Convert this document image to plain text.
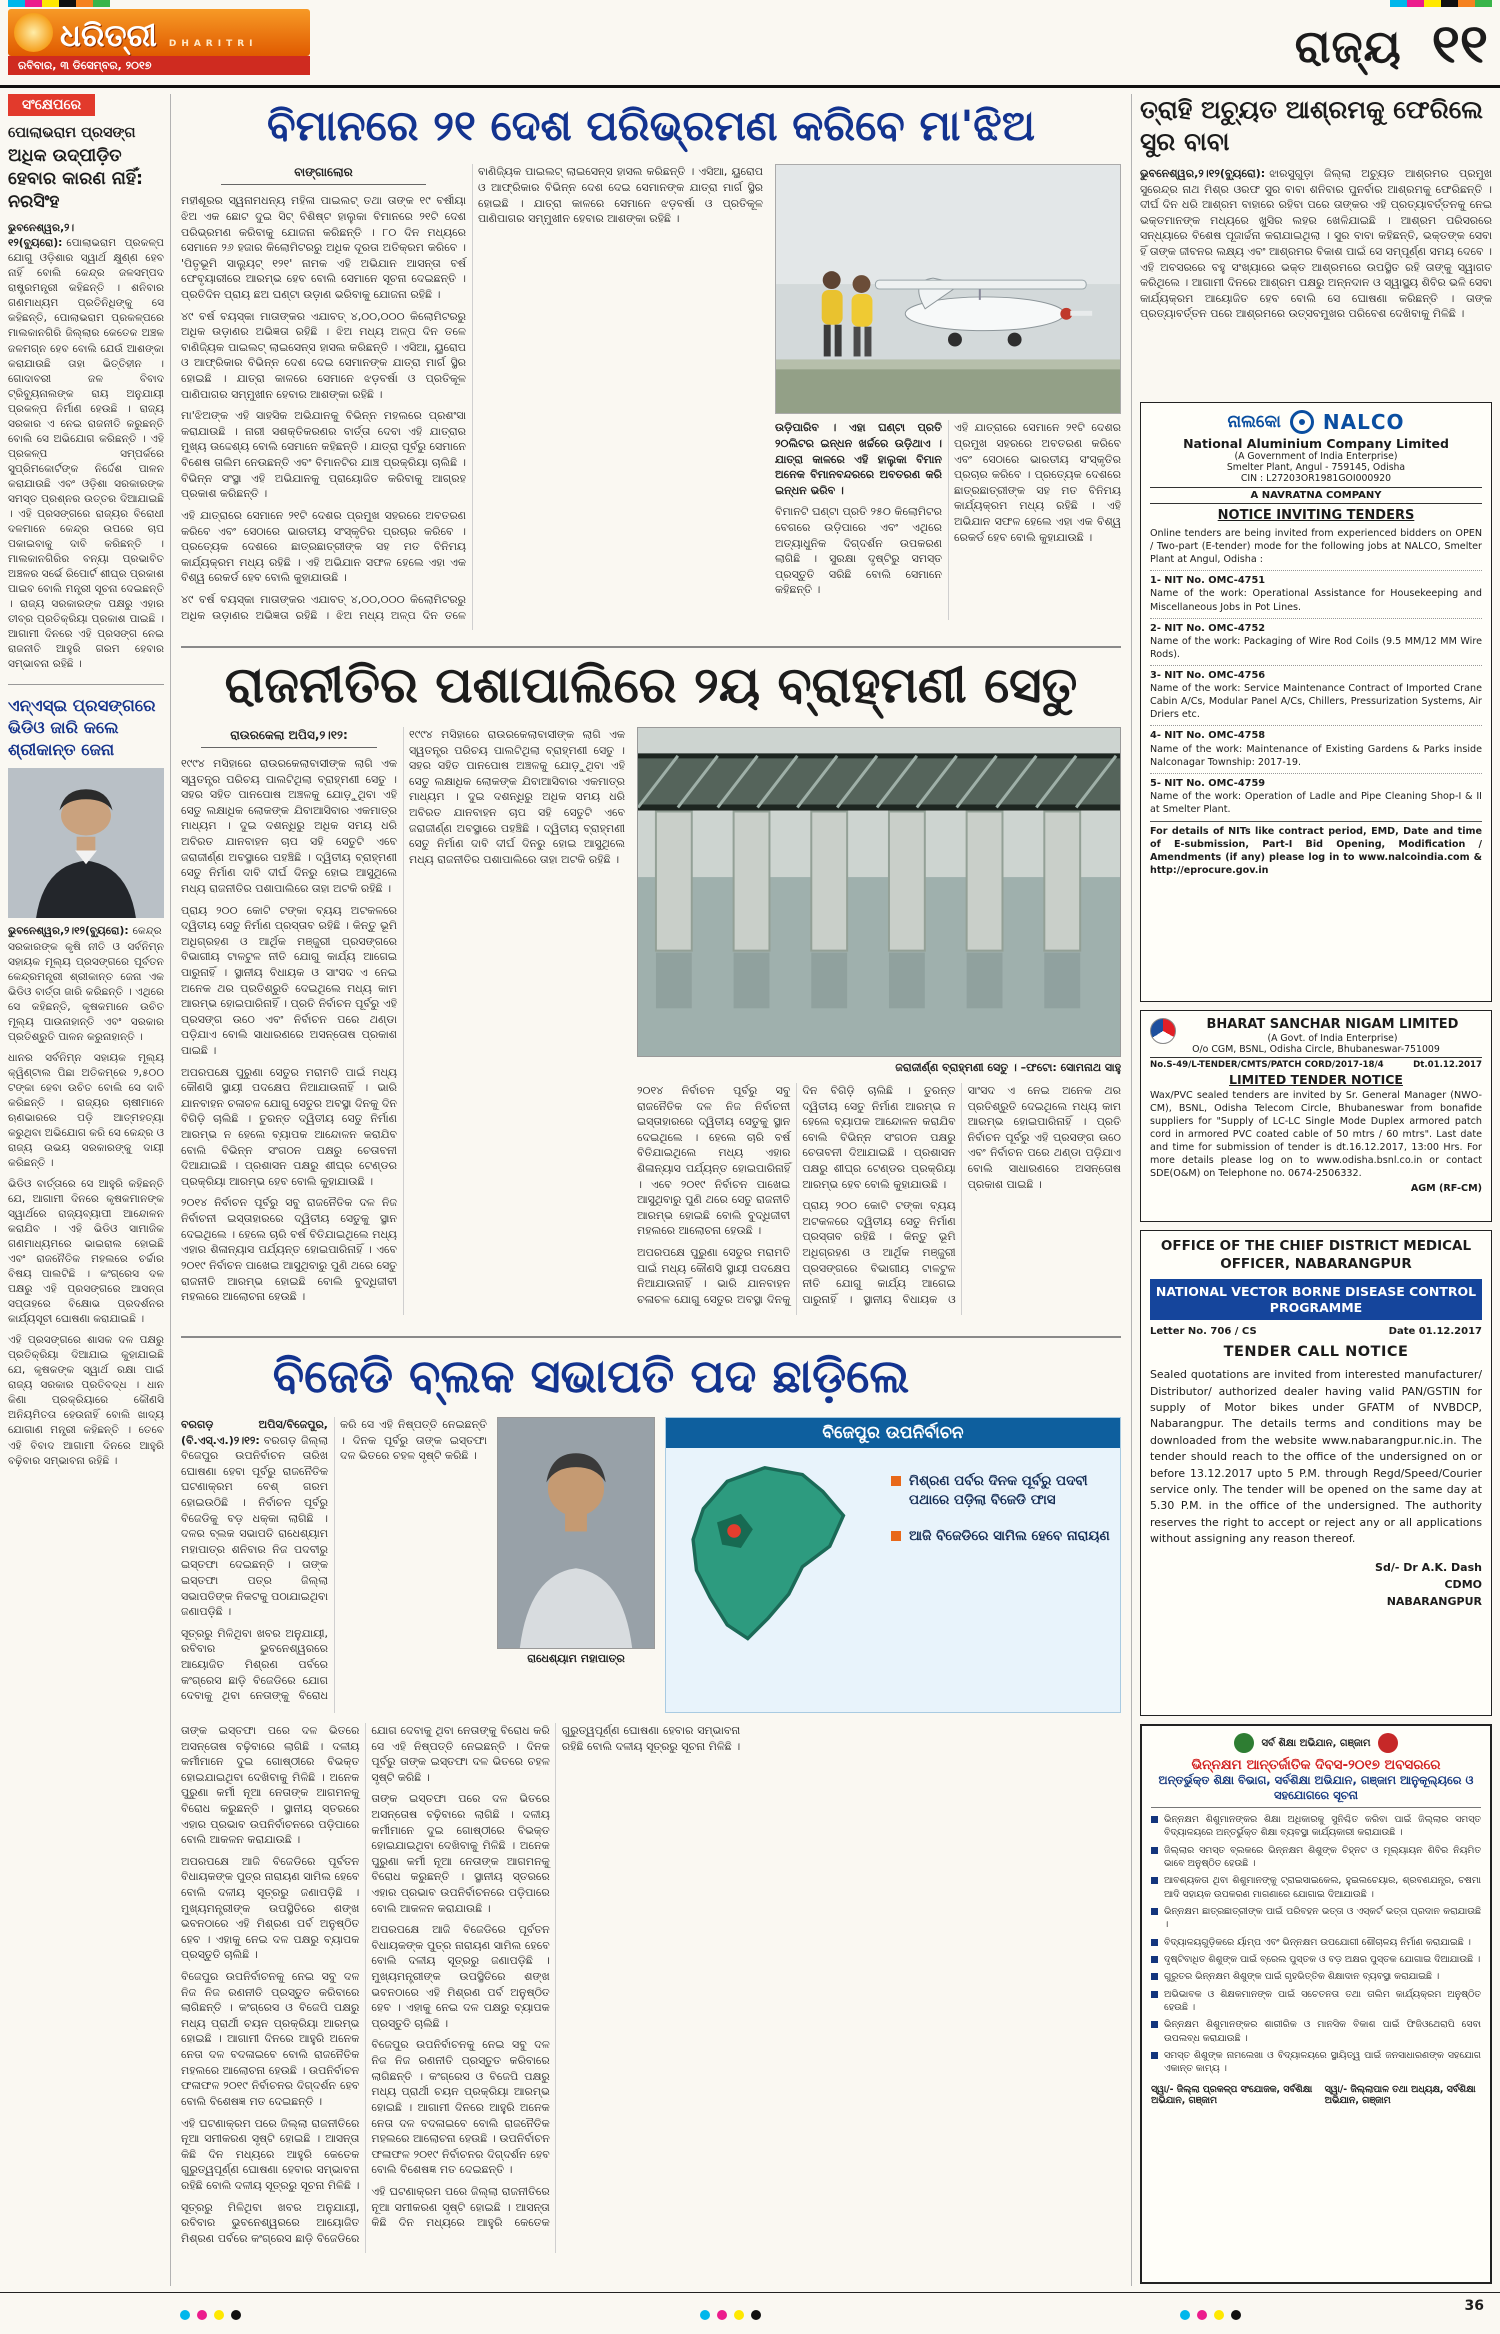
ଧରିତ୍ରୀ DHARITRI
ରବିବାର, ୩ ଡିସେମ୍ବର, ୨୦୧୭	ରାଜ୍ୟ ୧୧
ସଂକ୍ଷେପରେ
ପୋଲାଭରାମ ପ୍ରସଙ୍ଗ
ଅଧିକ ଉଦ୍‌ପୀଡ଼ିତ ହେବାର କାରଣ ନାହିଁ: ନରସିଂହ

ଭୁବନେଶ୍ୱର,୨।୧୨(ବ୍ୟୁରୋ): ପୋଲାଭରାମ ପ୍ରକଳ୍ପ ଯୋଗୁ ଓଡ଼ିଶାର ସ୍ୱାର୍ଥ କ୍ଷୁଣ୍ଣ ହେବ ନାହିଁ ବୋଲି କେନ୍ଦ୍ର ଜଳସମ୍ପଦ ରାଷ୍ଟ୍ରମନ୍ତ୍ରୀ କହିଛନ୍ତି । ଶନିବାର ଗଣମାଧ୍ୟମ ପ୍ରତିନିଧିଙ୍କୁ ସେ କହିଛନ୍ତି, ପୋଲାଭରାମ ପ୍ରକଳ୍ପରେ ମାଲକାନଗିରି ଜିଲ୍ଲାର କେତେକ ଅଞ୍ଚଳ ଜଳମଗ୍ନ ହେବ ବୋଲି ଯେଉଁ ଆଶଙ୍କା କରାଯାଉଛି ତାହା ଭିତ୍ତିହୀନ । ଗୋଦାବରୀ ଜଳ ବିବାଦ ଟ୍ରିବ୍ୟୁନାଲଙ୍କ ରାୟ ଅନୁଯାୟୀ ପ୍ରକଳ୍ପ ନିର୍ମାଣ ହେଉଛି । ରାଜ୍ୟ ସରକାର ଏ ନେଇ ରାଜନୀତି କରୁଛନ୍ତି ବୋଲି ସେ ଅଭିଯୋଗ କରିଛନ୍ତି । ଏହି ପ୍ରକଳ୍ପ ସମ୍ପର୍କରେ ସୁପ୍ରିମକୋର୍ଟଙ୍କ ନିର୍ଦ୍ଦେଶ ପାଳନ କରାଯାଉଛି ଏବଂ ଓଡ଼ିଶା ସରକାରଙ୍କ ସମସ୍ତ ପ୍ରଶ୍ନର ଉତ୍ତର ଦିଆଯାଇଛି । ଏହି ପ୍ରସଙ୍ଗରେ ରାଜ୍ୟର ବିରୋଧୀ ଦଳମାନେ କେନ୍ଦ୍ର ଉପରେ ଚାପ ପକାଇବାକୁ ଦାବି କରିଛନ୍ତି । ମାଲକାନଗିରିର ବନ୍ୟା ପ୍ରଭାବିତ ଅଞ୍ଚଳର ସର୍ଭେ ରିପୋର୍ଟ ଶୀଘ୍ର ପ୍ରକାଶ ପାଇବ ବୋଲି ମନ୍ତ୍ରୀ ସୂଚନା ଦେଇଛନ୍ତି । ରାଜ୍ୟ ସରକାରଙ୍କ ପକ୍ଷରୁ ଏହାର ତୀବ୍ର ପ୍ରତିକ୍ରିୟା ପ୍ରକାଶ ପାଇଛି । ଆଗାମୀ ଦିନରେ ଏହି ପ୍ରସଙ୍ଗ ନେଇ ରାଜନୀତି ଆହୁରି ଗରମ ହେବାର ସମ୍ଭାବନା ରହିଛି ।

ଏନ୍‌ଏସ୍‌ଇ ପ୍ରସଙ୍ଗରେ ଭିଡିଓ ଜାରି କଲେ ଶ୍ରୀକାନ୍ତ ଜେନା

ଭୁବନେଶ୍ୱର,୨।୧୨(ବ୍ୟୁରୋ): କେନ୍ଦ୍ର ସରକାରଙ୍କ କୃଷି ନୀତି ଓ ସର୍ବନିମ୍ନ ସହାୟକ ମୂଲ୍ୟ ପ୍ରସଙ୍ଗରେ ପୂର୍ବତନ କେନ୍ଦ୍ରମନ୍ତ୍ରୀ ଶ୍ରୀକାନ୍ତ ଜେନା ଏକ ଭିଡିଓ ବାର୍ତ୍ତା ଜାରି କରିଛନ୍ତି । ଏଥିରେ ସେ କହିଛନ୍ତି, କୃଷକମାନେ ଉଚିତ ମୂଲ୍ୟ ପାଉନାହାନ୍ତି ଏବଂ ସରକାର ପ୍ରତିଶ୍ରୁତି ପାଳନ କରୁନାହାନ୍ତି ।

ଧାନର ସର୍ବନିମ୍ନ ସହାୟକ ମୂଲ୍ୟ କ୍ୱିଣ୍ଟାଲ ପିଛା ଅତିକମ୍‌ରେ ୨,୫୦୦ ଟଙ୍କା ହେବା ଉଚିତ ବୋଲି ସେ ଦାବି କରିଛନ୍ତି । ରାଜ୍ୟର ଚାଷୀମାନେ ଋଣଭାରରେ ପଡ଼ି ଆତ୍ମହତ୍ୟା କରୁଥିବା ଅଭିଯୋଗ କରି ସେ କେନ୍ଦ୍ର ଓ ରାଜ୍ୟ ଉଭୟ ସରକାରଙ୍କୁ ଦାୟୀ କରିଛନ୍ତି ।

ଭିଡିଓ ବାର୍ତ୍ତାରେ ସେ ଆହୁରି କହିଛନ୍ତି ଯେ, ଆଗାମୀ ଦିନରେ କୃଷକମାନଙ୍କ ସ୍ୱାର୍ଥରେ ରାଜ୍ୟବ୍ୟାପୀ ଆନ୍ଦୋଳନ କରାଯିବ । ଏହି ଭିଡିଓ ସାମାଜିକ ଗଣମାଧ୍ୟମରେ ଭାଇରାଲ ହୋଇଛି ଏବଂ ରାଜନୈ‌ତିକ ମହଲରେ ଚର୍ଚ୍ଚାର ବିଷୟ ପାଲଟିଛି । କଂଗ୍ରେସ ଦଳ ପକ୍ଷରୁ ଏହି ପ୍ରସଙ୍ଗରେ ଆସନ୍ତା ସପ୍ତାହରେ ବିକ୍ଷୋଭ ପ୍ରଦର୍ଶନର କାର୍ଯ୍ୟସୂଚୀ ଘୋଷଣା କରାଯାଇଛି ।

ଏହି ପ୍ରସଙ୍ଗରେ ଶାସକ ଦଳ ପକ୍ଷରୁ ପ୍ରତିକ୍ରିୟା ଦିଆଯାଇ କୁହାଯାଇଛି ଯେ, କୃଷକଙ୍କ ସ୍ୱାର୍ଥ ରକ୍ଷା ପାଇଁ ରାଜ୍ୟ ସରକାର ପ୍ରତିବଦ୍ଧ । ଧାନ କିଣା ପ୍ରକ୍ରିୟାରେ କୌଣସି ଅନିୟମିତତା ହେଉନାହିଁ ବୋଲି ଖାଦ୍ୟ ଯୋଗାଣ ମନ୍ତ୍ରୀ କହିଛନ୍ତି । ତେବେ ଏହି ବିବାଦ ଆଗାମୀ ଦିନରେ ଆହୁରି ବଢ଼ିବାର ସମ୍ଭାବନା ରହିଛି ।

ବିମାନରେ ୨୧ ଦେଶ ପରିଭ୍ରମଣ କରିବେ ମା'ଝିଅ
ବାଙ୍ଗାଲୋର

ମହୀଶୂରର ସ୍ୱନାମଧନ୍ୟ ମହିଳା ପାଇଲଟ୍ ତଥା ତାଙ୍କ ୧୯ ବର୍ଷୀୟା ଝିଅ ଏକ ଛୋଟ ଦୁଇ ସିଟ୍ ବିଶିଷ୍ଟ ହାଲୁକା ବିମାନରେ ୨୧ଟି ଦେଶ ପରିଭ୍ରମଣ କରିବାକୁ ଯୋଜନା କରିଛନ୍ତି । ୮୦ ଦିନ ମଧ୍ୟରେ ସେମାନେ ୨୬ ହଜାର କିଲୋମିଟରରୁ ଅଧିକ ଦୂରତା ଅତିକ୍ରମ କରିବେ । 'ପିତୃଭୂମି ସାଲ୍ୟୁଟ୍ ୧୨୧' ନାମକ ଏହି ଅଭିଯାନ ଆସନ୍ତା ବର୍ଷ ଫେବୃୟାରୀରେ ଆରମ୍ଭ ହେବ ବୋଲି ସେମାନେ ସୂଚନା ଦେଇଛନ୍ତି । ପ୍ରତିଦିନ ପ୍ରାୟ ଛଅ ଘଣ୍ଟା ଉଡ଼ାଣ ଭରିବାକୁ ଯୋଜନା ରହିଛି ।

୪୯ ବର୍ଷ ବୟସ୍କା ମାତାଙ୍କର ଏଯାବତ୍ ୪,୦୦,୦୦୦ କିଲୋମିଟରରୁ ଅଧିକ ଉଡ଼ାଣର ଅଭିଜ୍ଞତା ରହିଛି । ଝିଅ ମଧ୍ୟ ଅଳ୍ପ ଦିନ ତଳେ ବାଣିଜ୍ୟିକ ପାଇଲଟ୍ ଲାଇସେନ୍ସ ହାସଲ କରିଛନ୍ତି । ଏସିଆ, ୟୁରୋପ ଓ ଆଫ୍ରିକାର ବିଭିନ୍ନ ଦେଶ ଦେଇ ସେମାନଙ୍କ ଯାତ୍ରା ମାର୍ଗ ସ୍ଥିର ହୋଇଛି । ଯାତ୍ରା କାଳରେ ସେମାନେ ଝଡ଼ବର୍ଷା ଓ ପ୍ରତିକୂଳ ପାଣିପାଗର ସମ୍ମୁଖୀନ ହେବାର ଆଶଙ୍କା ରହିଛି ।

ମା'ଝିଅଙ୍କ ଏହି ସାହସିକ ଅଭିଯାନକୁ ବିଭିନ୍ନ ମହଲରେ ପ୍ରଶଂସା କରାଯାଉଛି । ନାରୀ ସଶକ୍ତିକରଣର ବାର୍ତ୍ତା ଦେବା ଏହି ଯାତ୍ରାର ମୁଖ୍ୟ ଉଦ୍ଦେଶ୍ୟ ବୋଲି ସେମାନେ କହିଛନ୍ତି । ଯାତ୍ରା ପୂର୍ବରୁ ସେମାନେ ବିଶେଷ ତାଲିମ ନେଉଛନ୍ତି ଏବଂ ବିମାନଟିର ଯାଞ୍ଚ ପ୍ରକ୍ରିୟା ଚାଲିଛି । ବିଭିନ୍ନ ସଂସ୍ଥା ଏହି ଅଭିଯାନକୁ ପ୍ରାୟୋଜିତ କରିବାକୁ ଆଗ୍ରହ ପ୍ରକାଶ କରିଛନ୍ତି ।

ଏହି ଯାତ୍ରାରେ ସେମାନେ ୨୧ଟି ଦେଶର ପ୍ରମୁଖ ସହରରେ ଅବତରଣ କରିବେ ଏବଂ ସେଠାରେ ଭାରତୀୟ ସଂସ୍କୃତିର ପ୍ରଚାର କରିବେ । ପ୍ରତ୍ୟେକ ଦେଶରେ ଛାତ୍ରଛାତ୍ରୀଙ୍କ ସହ ମତ ବିନିମୟ କାର୍ଯ୍ୟକ୍ରମ ମଧ୍ୟ ରହିଛି । ଏହି ଅଭିଯାନ ସଫଳ ହେଲେ ଏହା ଏକ ବିଶ୍ୱ ରେକର୍ଡ ହେବ ବୋଲି କୁହାଯାଉଛି ।

୪୯ ବର୍ଷ ବୟସ୍କା ମାତାଙ୍କର ଏଯାବତ୍ ୪,୦୦,୦୦୦ କିଲୋମିଟରରୁ ଅଧିକ ଉଡ଼ାଣର ଅଭିଜ୍ଞତା ରହିଛି । ଝିଅ ମଧ୍ୟ ଅଳ୍ପ ଦିନ ତଳେ ବାଣିଜ୍ୟିକ ପାଇଲଟ୍ ଲାଇସେନ୍ସ ହାସଲ କରିଛନ୍ତି । ଏସିଆ, ୟୁରୋପ ଓ ଆଫ୍ରିକାର ବିଭିନ୍ନ ଦେଶ ଦେଇ ସେମାନଙ୍କ ଯାତ୍ରା ମାର୍ଗ ସ୍ଥିର ହୋଇଛି । ଯାତ୍ରା କାଳରେ ସେମାନେ ଝଡ଼ବର୍ଷା ଓ ପ୍ରତିକୂଳ ପାଣିପାଗର ସମ୍ମୁଖୀନ ହେବାର ଆଶଙ୍କା ରହିଛି ।

ଉଡ଼ିପାରିବ । ଏହା ଘଣ୍ଟା ପ୍ରତି ୨୦ଲିଟର ଇନ୍ଧନ ଖର୍ଚ୍ଚରେ ଉଡ଼ିଥାଏ । ଯାତ୍ରା କାଳରେ ଏହି ହାଲୁକା ବିମାନ ଅନେକ ବିମାନବନ୍ଦରରେ ଅବତରଣ କରି ଇନ୍ଧନ ଭରିବ ।

ବିମାନଟି ଘଣ୍ଟା ପ୍ରତି ୨୫୦ କିଲୋମିଟର ବେଗରେ ଉଡ଼ିପାରେ ଏବଂ ଏଥିରେ ଅତ୍ୟାଧୁନିକ ଦିଗ୍‌ଦର୍ଶନ ଉପକରଣ ଲାଗିଛି । ସୁରକ୍ଷା ଦୃଷ୍ଟିରୁ ସମସ୍ତ ପ୍ରସ୍ତୁତି ସରିଛି ବୋଲି ସେମାନେ କହିଛନ୍ତି ।

ଏହି ଯାତ୍ରାରେ ସେମାନେ ୨୧ଟି ଦେଶର ପ୍ରମୁଖ ସହରରେ ଅବତରଣ କରିବେ ଏବଂ ସେଠାରେ ଭାରତୀୟ ସଂସ୍କୃତିର ପ୍ରଚାର କରିବେ । ପ୍ରତ୍ୟେକ ଦେଶରେ ଛାତ୍ରଛାତ୍ରୀଙ୍କ ସହ ମତ ବିନିମୟ କାର୍ଯ୍ୟକ୍ରମ ମଧ୍ୟ ରହିଛି । ଏହି ଅଭିଯାନ ସଫଳ ହେଲେ ଏହା ଏକ ବିଶ୍ୱ ରେକର୍ଡ ହେବ ବୋଲି କୁହାଯାଉଛି ।

ରାଜନୀତିର ପଶାପାଲିରେ ୨ୟ ବ୍ରାହ୍ମଣୀ ସେତୁ
ରାଉରକେଲା ଅପିସ,୨।୧୨:

୧୯୯୪ ମସିହାରେ ରାଉରକେଲାବାସୀଙ୍କ ଲାଗି ଏକ ସ୍ୱତନ୍ତ୍ର ପରିଚୟ ପାଲଟିଥିଲା ବ୍ରାହ୍ମଣୀ ସେତୁ । ସହର ସହିତ ପାନପୋଷ ଅଞ୍ଚଳକୁ ଯୋଡ଼ୁଥିବା ଏହି ସେତୁ ଲକ୍ଷାଧିକ ଲୋକଙ୍କ ଯିବାଆସିବାର ଏକମାତ୍ର ମାଧ୍ୟମ । ଦୁଇ ଦଶନ୍ଧିରୁ ଅଧିକ ସମୟ ଧରି ଅବିରତ ଯାନବାହନ ଚାପ ସହି ସେତୁଟି ଏବେ ଜରାଜୀର୍ଣ୍ଣ ଅବସ୍ଥାରେ ପହଞ୍ଚିଛି । ଦ୍ୱିତୀୟ ବ୍ରାହ୍ମଣୀ ସେତୁ ନିର୍ମାଣ ଦାବି ଦୀର୍ଘ ଦିନରୁ ହୋଇ ଆସୁଥିଲେ ମଧ୍ୟ ରାଜନୀତିର ପଶାପାଲିରେ ତାହା ଅଟକି ରହିଛି ।

ପ୍ରାୟ ୨୦୦ କୋଟି ଟଙ୍କା ବ୍ୟୟ ଅଟକଳରେ ଦ୍ୱିତୀୟ ସେତୁ ନିର୍ମାଣ ପ୍ରସ୍ତାବ ରହିଛି । କିନ୍ତୁ ଭୂମି ଅଧିଗ୍ରହଣ ଓ ଆର୍ଥିକ ମଞ୍ଜୁରୀ ପ୍ରସଙ୍ଗରେ ବିଭାଗୀୟ ଟାଳଟୁଳ ନୀତି ଯୋଗୁ କାର୍ଯ୍ୟ ଆଗେଇ ପାରୁନାହିଁ । ସ୍ଥାନୀୟ ବିଧାୟକ ଓ ସାଂସଦ ଏ ନେଇ ଅନେକ ଥର ପ୍ରତିଶ୍ରୁତି ଦେଇଥିଲେ ମଧ୍ୟ କାମ ଆରମ୍ଭ ହୋଇପାରିନାହିଁ । ପ୍ରତି ନିର୍ବାଚନ ପୂର୍ବରୁ ଏହି ପ୍ରସଙ୍ଗ ଉଠେ ଏବଂ ନିର୍ବାଚନ ପରେ ଥଣ୍ଡା ପଡ଼ିଯାଏ ବୋଲି ସାଧାରଣରେ ଅସନ୍ତୋଷ ପ୍ରକାଶ ପାଇଛି ।

ଅପରପକ୍ଷେ ପୁରୁଣା ସେତୁର ମରାମତି ପାଇଁ ମଧ୍ୟ କୌଣସି ସ୍ଥାୟୀ ପଦକ୍ଷେପ ନିଆଯାଉନାହିଁ । ଭାରି ଯାନବାହନ ଚଳାଚଳ ଯୋଗୁ ସେତୁର ଅବସ୍ଥା ଦିନକୁ ଦିନ ବିଗିଡ଼ି ଚାଲିଛି । ତୁରନ୍ତ ଦ୍ୱିତୀୟ ସେତୁ ନିର୍ମାଣ ଆରମ୍ଭ ନ ହେଲେ ବ୍ୟାପକ ଆନ୍ଦୋଳନ କରାଯିବ ବୋଲି ବିଭିନ୍ନ ସଂଗଠନ ପକ୍ଷରୁ ଚେତାବନୀ ଦିଆଯାଇଛି । ପ୍ରଶାସନ ପକ୍ଷରୁ ଶୀଘ୍ର ଟେଣ୍ଡର ପ୍ରକ୍ରିୟା ଆରମ୍ଭ ହେବ ବୋଲି କୁହାଯାଉଛି ।

୨୦୧୪ ନିର୍ବାଚନ ପୂର୍ବରୁ ସବୁ ରାଜନୈତିକ ଦଳ ନିଜ ନିର୍ବାଚନୀ ଇସ୍ତାହାରରେ ଦ୍ୱିତୀୟ ସେତୁକୁ ସ୍ଥାନ ଦେଇଥିଲେ । ହେଲେ ଚାରି ବର୍ଷ ବିତିଯାଇଥିଲେ ମଧ୍ୟ ଏହାର ଶିଳାନ୍ୟାସ ପର୍ଯ୍ୟନ୍ତ ହୋଇପାରିନାହିଁ । ଏବେ ୨୦୧୯ ନିର୍ବାଚନ ପାଖେଇ ଆସୁଥିବାରୁ ପୁଣି ଥରେ ସେତୁ ରାଜନୀତି ଆରମ୍ଭ ହୋଇଛି ବୋଲି ବୁଦ୍ଧିଜୀବୀ ମହଲରେ ଆଲୋଚନା ହେଉଛି ।

୧୯୯୪ ମସିହାରେ ରାଉରକେଲାବାସୀଙ୍କ ଲାଗି ଏକ ସ୍ୱତନ୍ତ୍ର ପରିଚୟ ପାଲଟିଥିଲା ବ୍ରାହ୍ମଣୀ ସେତୁ । ସହର ସହିତ ପାନପୋଷ ଅଞ୍ଚଳକୁ ଯୋଡ଼ୁଥିବା ଏହି ସେତୁ ଲକ୍ଷାଧିକ ଲୋକଙ୍କ ଯିବାଆସିବାର ଏକମାତ୍ର ମାଧ୍ୟମ । ଦୁଇ ଦଶନ୍ଧିରୁ ଅଧିକ ସମୟ ଧରି ଅବିରତ ଯାନବାହନ ଚାପ ସହି ସେତୁଟି ଏବେ ଜରାଜୀର୍ଣ୍ଣ ଅବସ୍ଥାରେ ପହଞ୍ଚିଛି । ଦ୍ୱିତୀୟ ବ୍ରାହ୍ମଣୀ ସେତୁ ନିର୍ମାଣ ଦାବି ଦୀର୍ଘ ଦିନରୁ ହୋଇ ଆସୁଥିଲେ ମଧ୍ୟ ରାଜନୀତିର ପଶାପାଲିରେ ତାହା ଅଟକି ରହିଛି ।

ଜରାଜୀର୍ଣ୍ଣ ବ୍ରାହ୍ମଣୀ ସେତୁ । –ଫଟୋ: ସୋମନାଥ ସାହୁ

୨୦୧୪ ନିର୍ବାଚନ ପୂର୍ବରୁ ସବୁ ରାଜନୈତିକ ଦଳ ନିଜ ନିର୍ବାଚନୀ ଇସ୍ତାହାରରେ ଦ୍ୱିତୀୟ ସେତୁକୁ ସ୍ଥାନ ଦେଇଥିଲେ । ହେଲେ ଚାରି ବର୍ଷ ବିତିଯାଇଥିଲେ ମଧ୍ୟ ଏହାର ଶିଳାନ୍ୟାସ ପର୍ଯ୍ୟନ୍ତ ହୋଇପାରିନାହିଁ । ଏବେ ୨୦୧୯ ନିର୍ବାଚନ ପାଖେଇ ଆସୁଥିବାରୁ ପୁଣି ଥରେ ସେତୁ ରାଜନୀତି ଆରମ୍ଭ ହୋଇଛି ବୋଲି ବୁଦ୍ଧିଜୀବୀ ମହଲରେ ଆଲୋଚନା ହେଉଛି ।

ଅପରପକ୍ଷେ ପୁରୁଣା ସେତୁର ମରାମତି ପାଇଁ ମଧ୍ୟ କୌଣସି ସ୍ଥାୟୀ ପଦକ୍ଷେପ ନିଆଯାଉନାହିଁ । ଭାରି ଯାନବାହନ ଚଳାଚଳ ଯୋଗୁ ସେତୁର ଅବସ୍ଥା ଦିନକୁ ଦିନ ବିଗିଡ଼ି ଚାଲିଛି । ତୁରନ୍ତ ଦ୍ୱିତୀୟ ସେତୁ ନିର୍ମାଣ ଆରମ୍ଭ ନ ହେଲେ ବ୍ୟାପକ ଆନ୍ଦୋଳନ କରାଯିବ ବୋଲି ବିଭିନ୍ନ ସଂଗଠନ ପକ୍ଷରୁ ଚେତାବନୀ ଦିଆଯାଇଛି । ପ୍ରଶାସନ ପକ୍ଷରୁ ଶୀଘ୍ର ଟେଣ୍ଡର ପ୍ରକ୍ରିୟା ଆରମ୍ଭ ହେବ ବୋଲି କୁହାଯାଉଛି ।

ପ୍ରାୟ ୨୦୦ କୋଟି ଟଙ୍କା ବ୍ୟୟ ଅଟକଳରେ ଦ୍ୱିତୀୟ ସେତୁ ନିର୍ମାଣ ପ୍ରସ୍ତାବ ରହିଛି । କିନ୍ତୁ ଭୂମି ଅଧିଗ୍ରହଣ ଓ ଆର୍ଥିକ ମଞ୍ଜୁରୀ ପ୍ରସଙ୍ଗରେ ବିଭାଗୀୟ ଟାଳଟୁଳ ନୀତି ଯୋଗୁ କାର୍ଯ୍ୟ ଆଗେଇ ପାରୁନାହିଁ । ସ୍ଥାନୀୟ ବିଧାୟକ ଓ ସାଂସଦ ଏ ନେଇ ଅନେକ ଥର ପ୍ରତିଶ୍ରୁତି ଦେଇଥିଲେ ମଧ୍ୟ କାମ ଆରମ୍ଭ ହୋଇପାରିନାହିଁ । ପ୍ରତି ନିର୍ବାଚନ ପୂର୍ବରୁ ଏହି ପ୍ରସଙ୍ଗ ଉଠେ ଏବଂ ନିର୍ବାଚନ ପରେ ଥଣ୍ଡା ପଡ଼ିଯାଏ ବୋଲି ସାଧାରଣରେ ଅସନ୍ତୋଷ ପ୍ରକାଶ ପାଇଛି ।

ବିଜେଡି ବ୍ଲକ ସଭାପତି ପଦ ଛାଡ଼ିଲେ

ବରଗଡ଼ ଅପିସ/ବିଜେପୁର,(ବି.ଏସ୍.ଏ.)୨।୧୨: ବରଗଡ଼ ଜିଲ୍ଲା ବିଜେପୁର ଉପନିର୍ବାଚନ ତାରିଖ ଘୋଷଣା ହେବା ପୂର୍ବରୁ ରାଜନୈତିକ ଘଟଣାକ୍ରମ ବେଶ୍ ଗରମ ହୋଇଉଠିଛି । ନିର୍ବାଚନ ପୂର୍ବରୁ ବିଜେଡିକୁ ବଡ଼ ଧକ୍କା ଲାଗିଛି । ଦଳର ବ୍ଲକ ସଭାପତି ରାଧେଶ୍ୟାମ ମହାପାତ୍ର ଶନିବାର ନିଜ ପଦବୀରୁ ଇସ୍ତଫା ଦେଇଛନ୍ତି । ତାଙ୍କ ଇସ୍ତଫା ପତ୍ର ଜିଲ୍ଲା ସଭାପତିଙ୍କ ନିକଟକୁ ପଠାଯାଇଥିବା ଜଣାପଡ଼ିଛି ।

ସୂତ୍ରରୁ ମିଳିଥିବା ଖବର ଅନୁଯାୟୀ, ରବିବାର ଭୁବନେଶ୍ୱରରେ ଆୟୋଜିତ ମିଶ୍ରଣ ପର୍ବରେ କଂଗ୍ରେସ ଛାଡ଼ି ବିଜେଡିରେ ଯୋଗ ଦେବାକୁ ଥିବା ନେତାଙ୍କୁ ବିରୋଧ କରି ସେ ଏହି ନିଷ୍ପତ୍ତି ନେଇଛନ୍ତି । ଦିନକ ପୂର୍ବରୁ ତାଙ୍କ ଇସ୍ତଫା ଦଳ ଭିତରେ ଚହଳ ସୃଷ୍ଟି କରିଛି ।

ରାଧେଶ୍ୟାମ ମହାପାତ୍ର
ବିଜେପୁର ଉପନିର୍ବାଚନ
ମିଶ୍ରଣ ପର୍ବର ଦିନକ ପୂର୍ବରୁ ପଦବୀ ପଥାରେ ପଡ଼ିଲା ବିଜେଡି ଫାସ
ଆଜି ବିଜେଡିରେ ସାମିଲ ହେବେ ନାରାୟଣ

ତାଙ୍କ ଇସ୍ତଫା ପରେ ଦଳ ଭିତରେ ଅସନ୍ତୋଷ ବଢ଼ିବାରେ ଲାଗିଛି । ଦଳୀୟ କର୍ମୀମାନେ ଦୁଇ ଗୋଷ୍ଠୀରେ ବିଭକ୍ତ ହୋଇଯାଇଥିବା ଦେଖିବାକୁ ମିଳିଛି । ଅନେକ ପୁରୁଣା କର୍ମୀ ନୂଆ ନେତାଙ୍କ ଆଗମନକୁ ବିରୋଧ କରୁଛନ୍ତି । ସ୍ଥାନୀୟ ସ୍ତରରେ ଏହାର ପ୍ରଭାବ ଉପନିର୍ବାଚନରେ ପଡ଼ିପାରେ ବୋଲି ଆକଳନ କରାଯାଉଛି ।

ଅପରପକ୍ଷେ ଆଜି ବିଜେଡିରେ ପୂର୍ବତନ ବିଧାୟକଙ୍କ ପୁତ୍ର ନାରାୟଣ ସାମିଲ ହେବେ ବୋଲି ଦଳୀୟ ସୂତ୍ରରୁ ଜଣାପଡ଼ିଛି । ମୁଖ୍ୟମନ୍ତ୍ରୀଙ୍କ ଉପସ୍ଥିତିରେ ଶଙ୍ଖ ଭବନଠାରେ ଏହି ମିଶ୍ରଣ ପର୍ବ ଅନୁଷ୍ଠିତ ହେବ । ଏହାକୁ ନେଇ ଦଳ ପକ୍ଷରୁ ବ୍ୟାପକ ପ୍ରସ୍ତୁତି ଚାଲିଛି ।

ବିଜେପୁର ଉପନିର୍ବାଚନକୁ ନେଇ ସବୁ ଦଳ ନିଜ ନିଜ ରଣନୀତି ପ୍ରସ୍ତୁତ କରିବାରେ ଲାଗିଛନ୍ତି । କଂଗ୍ରେସ ଓ ବିଜେପି ପକ୍ଷରୁ ମଧ୍ୟ ପ୍ରାର୍ଥୀ ଚୟନ ପ୍ରକ୍ରିୟା ଆରମ୍ଭ ହୋଇଛି । ଆଗାମୀ ଦିନରେ ଆହୁରି ଅନେକ ନେତା ଦଳ ବଦଳାଇବେ ବୋଲି ରାଜନୈତିକ ମହଲରେ ଆଲୋଚନା ହେଉଛି । ଉପନିର୍ବାଚନ ଫଳାଫଳ ୨୦୧୯ ନିର୍ବାଚନର ଦିଗ୍‌ଦର୍ଶନ ହେବ ବୋଲି ବିଶେଷଜ୍ଞ ମତ ଦେଇଛନ୍ତି ।

ଏହି ଘଟଣାକ୍ରମ ପରେ ଜିଲ୍ଲା ରାଜନୀତିରେ ନୂଆ ସମୀକରଣ ସୃଷ୍ଟି ହୋଇଛି । ଆସନ୍ତା କିଛି ଦିନ ମଧ୍ୟରେ ଆହୁରି କେତେକ ଗୁରୁତ୍ୱପୂର୍ଣ୍ଣ ଘୋଷଣା ହେବାର ସମ୍ଭାବନା ରହିଛି ବୋଲି ଦଳୀୟ ସୂତ୍ରରୁ ସୂଚନା ମିଳିଛି ।

ସୂତ୍ରରୁ ମିଳିଥିବା ଖବର ଅନୁଯାୟୀ, ରବିବାର ଭୁବନେଶ୍ୱରରେ ଆୟୋଜିତ ମିଶ୍ରଣ ପର୍ବରେ କଂଗ୍ରେସ ଛାଡ଼ି ବିଜେଡିରେ ଯୋଗ ଦେବାକୁ ଥିବା ନେତାଙ୍କୁ ବିରୋଧ କରି ସେ ଏହି ନିଷ୍ପତ୍ତି ନେଇଛନ୍ତି । ଦିନକ ପୂର୍ବରୁ ତାଙ୍କ ଇସ୍ତଫା ଦଳ ଭିତରେ ଚହଳ ସୃଷ୍ଟି କରିଛି ।

ତାଙ୍କ ଇସ୍ତଫା ପରେ ଦଳ ଭିତରେ ଅସନ୍ତୋଷ ବଢ଼ିବାରେ ଲାଗିଛି । ଦଳୀୟ କର୍ମୀମାନେ ଦୁଇ ଗୋଷ୍ଠୀରେ ବିଭକ୍ତ ହୋଇଯାଇଥିବା ଦେଖିବାକୁ ମିଳିଛି । ଅନେକ ପୁରୁଣା କର୍ମୀ ନୂଆ ନେତାଙ୍କ ଆଗମନକୁ ବିରୋଧ କରୁଛନ୍ତି । ସ୍ଥାନୀୟ ସ୍ତରରେ ଏହାର ପ୍ରଭାବ ଉପନିର୍ବାଚନରେ ପଡ଼ିପାରେ ବୋଲି ଆକଳନ କରାଯାଉଛି ।

ଅପରପକ୍ଷେ ଆଜି ବିଜେଡିରେ ପୂର୍ବତନ ବିଧାୟକଙ୍କ ପୁତ୍ର ନାରାୟଣ ସାମିଲ ହେବେ ବୋଲି ଦଳୀୟ ସୂତ୍ରରୁ ଜଣାପଡ଼ିଛି । ମୁଖ୍ୟମନ୍ତ୍ରୀଙ୍କ ଉପସ୍ଥିତିରେ ଶଙ୍ଖ ଭବନଠାରେ ଏହି ମିଶ୍ରଣ ପର୍ବ ଅନୁଷ୍ଠିତ ହେବ । ଏହାକୁ ନେଇ ଦଳ ପକ୍ଷରୁ ବ୍ୟାପକ ପ୍ରସ୍ତୁତି ଚାଲିଛି ।

ବିଜେପୁର ଉପନିର୍ବାଚନକୁ ନେଇ ସବୁ ଦଳ ନିଜ ନିଜ ରଣନୀତି ପ୍ରସ୍ତୁତ କରିବାରେ ଲାଗିଛନ୍ତି । କଂଗ୍ରେସ ଓ ବିଜେପି ପକ୍ଷରୁ ମଧ୍ୟ ପ୍ରାର୍ଥୀ ଚୟନ ପ୍ରକ୍ରିୟା ଆରମ୍ଭ ହୋଇଛି । ଆଗାମୀ ଦିନରେ ଆହୁରି ଅନେକ ନେତା ଦଳ ବଦଳାଇବେ ବୋଲି ରାଜନୈତିକ ମହଲରେ ଆଲୋଚନା ହେଉଛି । ଉପନିର୍ବାଚନ ଫଳାଫଳ ୨୦୧୯ ନିର୍ବାଚନର ଦିଗ୍‌ଦର୍ଶନ ହେବ ବୋଲି ବିଶେଷଜ୍ଞ ମତ ଦେଇଛନ୍ତି ।

ଏହି ଘଟଣାକ୍ରମ ପରେ ଜିଲ୍ଲା ରାଜନୀତିରେ ନୂଆ ସମୀକରଣ ସୃଷ୍ଟି ହୋଇଛି । ଆସନ୍ତା କିଛି ଦିନ ମଧ୍ୟରେ ଆହୁରି କେତେକ ଗୁରୁତ୍ୱପୂର୍ଣ୍ଣ ଘୋଷଣା ହେବାର ସମ୍ଭାବନା ରହିଛି ବୋଲି ଦଳୀୟ ସୂତ୍ରରୁ ସୂଚନା ମିଳିଛି ।

ତ୍ରାହି ଅଚ୍ୟୁତ ଆଶ୍ରମକୁ ଫେରିଲେ ସୁର ବାବା

ଭୁବନେଶ୍ୱର,୨।୧୨(ବ୍ୟୁରୋ): ଝାରସୁଗୁଡ଼ା ଜିଲ୍ଲା ଅଚ୍ୟୁତ ଆଶ୍ରମର ପ୍ରମୁଖ ସୁରେନ୍ଦ୍ର ନାଥ ମିଶ୍ର ଓରଫ ସୁର ବାବା ଶନିବାର ପୁନର୍ବାର ଆଶ୍ରମକୁ ଫେରିଛନ୍ତି । ଦୀର୍ଘ ଦିନ ଧରି ଆଶ୍ରମ ବାହାରେ ରହିବା ପରେ ତାଙ୍କର ଏହି ପ୍ରତ୍ୟାବର୍ତ୍ତନକୁ ନେଇ ଭକ୍ତମାନଙ୍କ ମଧ୍ୟରେ ଖୁସିର ଲହର ଖେଳିଯାଇଛି । ଆଶ୍ରମ ପରିସରରେ ସନ୍ଧ୍ୟାରେ ବିଶେଷ ପୂଜାର୍ଚ୍ଚନା କରାଯାଇଥିଲା । ସୁର ବାବା କହିଛନ୍ତି, ଭକ୍ତଙ୍କ ସେବା ହିଁ ତାଙ୍କ ଜୀବନର ଲକ୍ଷ୍ୟ ଏବଂ ଆଶ୍ରମର ବିକାଶ ପାଇଁ ସେ ସମ୍ପୂର୍ଣ୍ଣ ସମୟ ଦେବେ । ଏହି ଅବସରରେ ବହୁ ସଂଖ୍ୟାରେ ଭକ୍ତ ଆଶ୍ରମରେ ଉପସ୍ଥିତ ରହି ତାଙ୍କୁ ସ୍ୱାଗତ କରିଥିଲେ । ଆଗାମୀ ଦିନରେ ଆଶ୍ରମ ପକ୍ଷରୁ ଅନ୍ନଦାନ ଓ ସ୍ୱାସ୍ଥ୍ୟ ଶିବିର ଭଳି ସେବା କାର୍ଯ୍ୟକ୍ରମ ଆୟୋଜିତ ହେବ ବୋଲି ସେ ଘୋଷଣା କରିଛନ୍ତି । ତାଙ୍କ ପ୍ରତ୍ୟାବର୍ତ୍ତନ ପରେ ଆଶ୍ରମରେ ଉତ୍ସବମୁଖର ପରିବେଶ ଦେଖିବାକୁ ମିଳିଛି ।

ନାଲକୋ NALCO
National Aluminium Company Limited
(A Government of India Enterprise)
Smelter Plant, Angul - 759145, Odisha
CIN : L27203OR1981GOI000920
A NAVRATNA COMPANY
NOTICE INVITING TENDERS

Online tenders are being invited from experienced bidders on OPEN / Two-part (E-tender) mode for the following jobs at NALCO, Smelter Plant at Angul, Odisha :

1- NIT No. OMC-4751
Name of the work: Operational Assistance for Housekeeping and Miscellaneous Jobs in Pot Lines.
2- NIT No. OMC-4752
Name of the work: Packaging of Wire Rod Coils (9.5 MM/12 MM Wire Rods).
3- NIT No. OMC-4756
Name of the work: Service Maintenance Contract of Imported Crane Cabin A/Cs, Modular Panel A/Cs, Chillers, Pressurization Systems, Air Driers etc.
4- NIT No. OMC-4758
Name of the work: Maintenance of Existing Gardens & Parks inside Nalconagar Township: 2017-19.
5- NIT No. OMC-4759
Name of the work: Operation of Ladle and Pipe Cleaning Shop-I & II at Smelter Plant.

For details of NITs like contract period, EMD, Date and time of E-submission, Part-I Bid Opening, Modification / Amendments (if any) please log in to www.nalcoindia.com & http://eprocure.gov.in

BHARAT SANCHAR NIGAM LIMITED
(A Govt. of India Enterprise)
O/o CGM, BSNL, Odisha Circle, Bhubaneswar-751009
No.S-49/L-TENDER/CMTS/PATCH CORD/2017-18/4	Dt.01.12.2017
LIMITED TENDER NOTICE

Wax/PVC sealed tenders are invited by Sr. General Manager (NWO-CM), BSNL, Odisha Telecom Circle, Bhubaneswar from bonafide suppliers for "Supply of LC-LC Single Mode Duplex armored patch cord in armored PVC coated cable of 50 mtrs / 60 mtrs". Last date and time for submission of tender is dt.16.12.2017, 13:00 Hrs. For more details please log on to www.odisha.bsnl.co.in or contact SDE(O&M) on Telephone no. 0674-2506332.

AGM (RF-CM)
OFFICE OF THE CHIEF DISTRICT MEDICAL OFFICER, NABARANGPUR
NATIONAL VECTOR BORNE DISEASE CONTROL PROGRAMME
Letter No. 706 / CS	Date 01.12.2017
TENDER CALL NOTICE

Sealed quotations are invited from interested manufacturer/ Distributor/ authorized dealer having valid PAN/GSTIN for supply of Motor bikes under GFATM of NVBDCP, Nabarangpur. The details terms and conditions may be downloaded from the website www.nabarangpur.nic.in. The tender should reach to the office of the undersigned on or before 13.12.2017 upto 5 P.M. through Regd/Speed/Courier service only. The tender will be opened on the same day at 5.30 P.M. in the office of the undersigned. The authority reserves the right to accept or reject any or all applications without assigning any reason thereof.

Sd/- Dr A.K. Dash
CDMO
NABARANGPUR
ସର୍ବ ଶିକ୍ଷା ଅଭିଯାନ, ଗଞ୍ଜାମ
ଭିନ୍ନକ୍ଷମ ଆନ୍ତର୍ଜାତିକ ଦିବସ-୨୦୧୭ ଅବସରରେ
ଅନ୍ତର୍ଭୁକ୍ତ ଶିକ୍ଷା ବିଭାଗ, ସର୍ବଶିକ୍ଷା ଅଭିଯାନ, ଗଞ୍ଜାମ ଆନୁକୂଲ୍ୟରେ ଓ ସହଯୋଗରେ ସୂଚନା
ଭିନ୍ନକ୍ଷମ ଶିଶୁମାନଙ୍କର ଶିକ୍ଷା ଅଧିକାରକୁ ସୁନିଶ୍ଚିତ କରିବା ପାଇଁ ଜିଲ୍ଲାର ସମସ୍ତ ବିଦ୍ୟାଳୟରେ ଅନ୍ତର୍ଭୁକ୍ତ ଶିକ୍ଷା ବ୍ୟବସ୍ଥା କାର୍ଯ୍ୟକାରୀ କରାଯାଉଛି ।
ଜିଲ୍ଲାର ସମସ୍ତ ବ୍ଲକରେ ଭିନ୍ନକ୍ଷମ ଶିଶୁଙ୍କ ଚିହ୍ନଟ ଓ ମୂଲ୍ୟାୟନ ଶିବିର ନିୟମିତ ଭାବେ ଅନୁଷ୍ଠିତ ହେଉଛି ।
ଆବଶ୍ୟକତା ଥିବା ଶିଶୁମାନଙ୍କୁ ଟ୍ରାଇସାଇକେଲ, ହୁଇଲଚେୟାର, ଶ୍ରବଣଯନ୍ତ୍ର, ଚଷମା ଆଦି ସହାୟକ ଉପକରଣ ମାଗଣାରେ ଯୋଗାଇ ଦିଆଯାଉଛି ।
ଭିନ୍ନକ୍ଷମ ଛାତ୍ରଛାତ୍ରୀଙ୍କ ପାଇଁ ପରିବହନ ଭତ୍ତା ଓ ଏସ୍କର୍ଟ ଭତ୍ତା ପ୍ରଦାନ କରାଯାଉଛି ।
ବିଦ୍ୟାଳୟଗୁଡ଼ିକରେ ର୍ୟାମ୍ପ ଏବଂ ଭିନ୍ନକ୍ଷମ ଉପଯୋଗୀ ଶୌଚାଳୟ ନିର୍ମାଣ କରାଯାଇଛି ।
ଦୃଷ୍ଟିବାଧିତ ଶିଶୁଙ୍କ ପାଇଁ ବ୍ରେଲ ପୁସ୍ତକ ଓ ବଡ଼ ଅକ୍ଷର ପୁସ୍ତକ ଯୋଗାଇ ଦିଆଯାଉଛି ।
ଗୁରୁତର ଭିନ୍ନକ୍ଷମ ଶିଶୁଙ୍କ ପାଇଁ ଗୃହଭିତ୍ତିକ ଶିକ୍ଷାଦାନ ବ୍ୟବସ୍ଥା କରାଯାଇଛି ।
ଅଭିଭାବକ ଓ ଶିକ୍ଷକମାନଙ୍କ ପାଇଁ ସଚେତନତା ତଥା ତାଲିମ କାର୍ଯ୍ୟକ୍ରମ ଅନୁଷ୍ଠିତ ହେଉଛି ।
ଭିନ୍ନକ୍ଷମ ଶିଶୁମାନଙ୍କର ଶାରୀରିକ ଓ ମାନସିକ ବିକାଶ ପାଇଁ ଫିଜିଓଥେରାପି ସେବା ଉପଲବ୍ଧ କରାଯାଉଛି ।
ସମସ୍ତ ଶିଶୁଙ୍କ ନାମଲେଖା ଓ ବିଦ୍ୟାଳୟରେ ସ୍ଥାୟିତ୍ୱ ପାଇଁ ଜନସାଧାରଣଙ୍କ ସହଯୋଗ ଏକାନ୍ତ କାମ୍ୟ ।
ସ୍ୱା/- ଜିଲ୍ଲା ପ୍ରକଳ୍ପ ସଂଯୋଜକ, ସର୍ବଶିକ୍ଷା ଅଭିଯାନ, ଗଞ୍ଜାମ
ସ୍ୱା/- ଜିଲ୍ଲାପାଳ ତଥା ଅଧ୍ୟକ୍ଷ, ସର୍ବଶିକ୍ଷା ଅଭିଯାନ, ଗଞ୍ଜାମ
36
